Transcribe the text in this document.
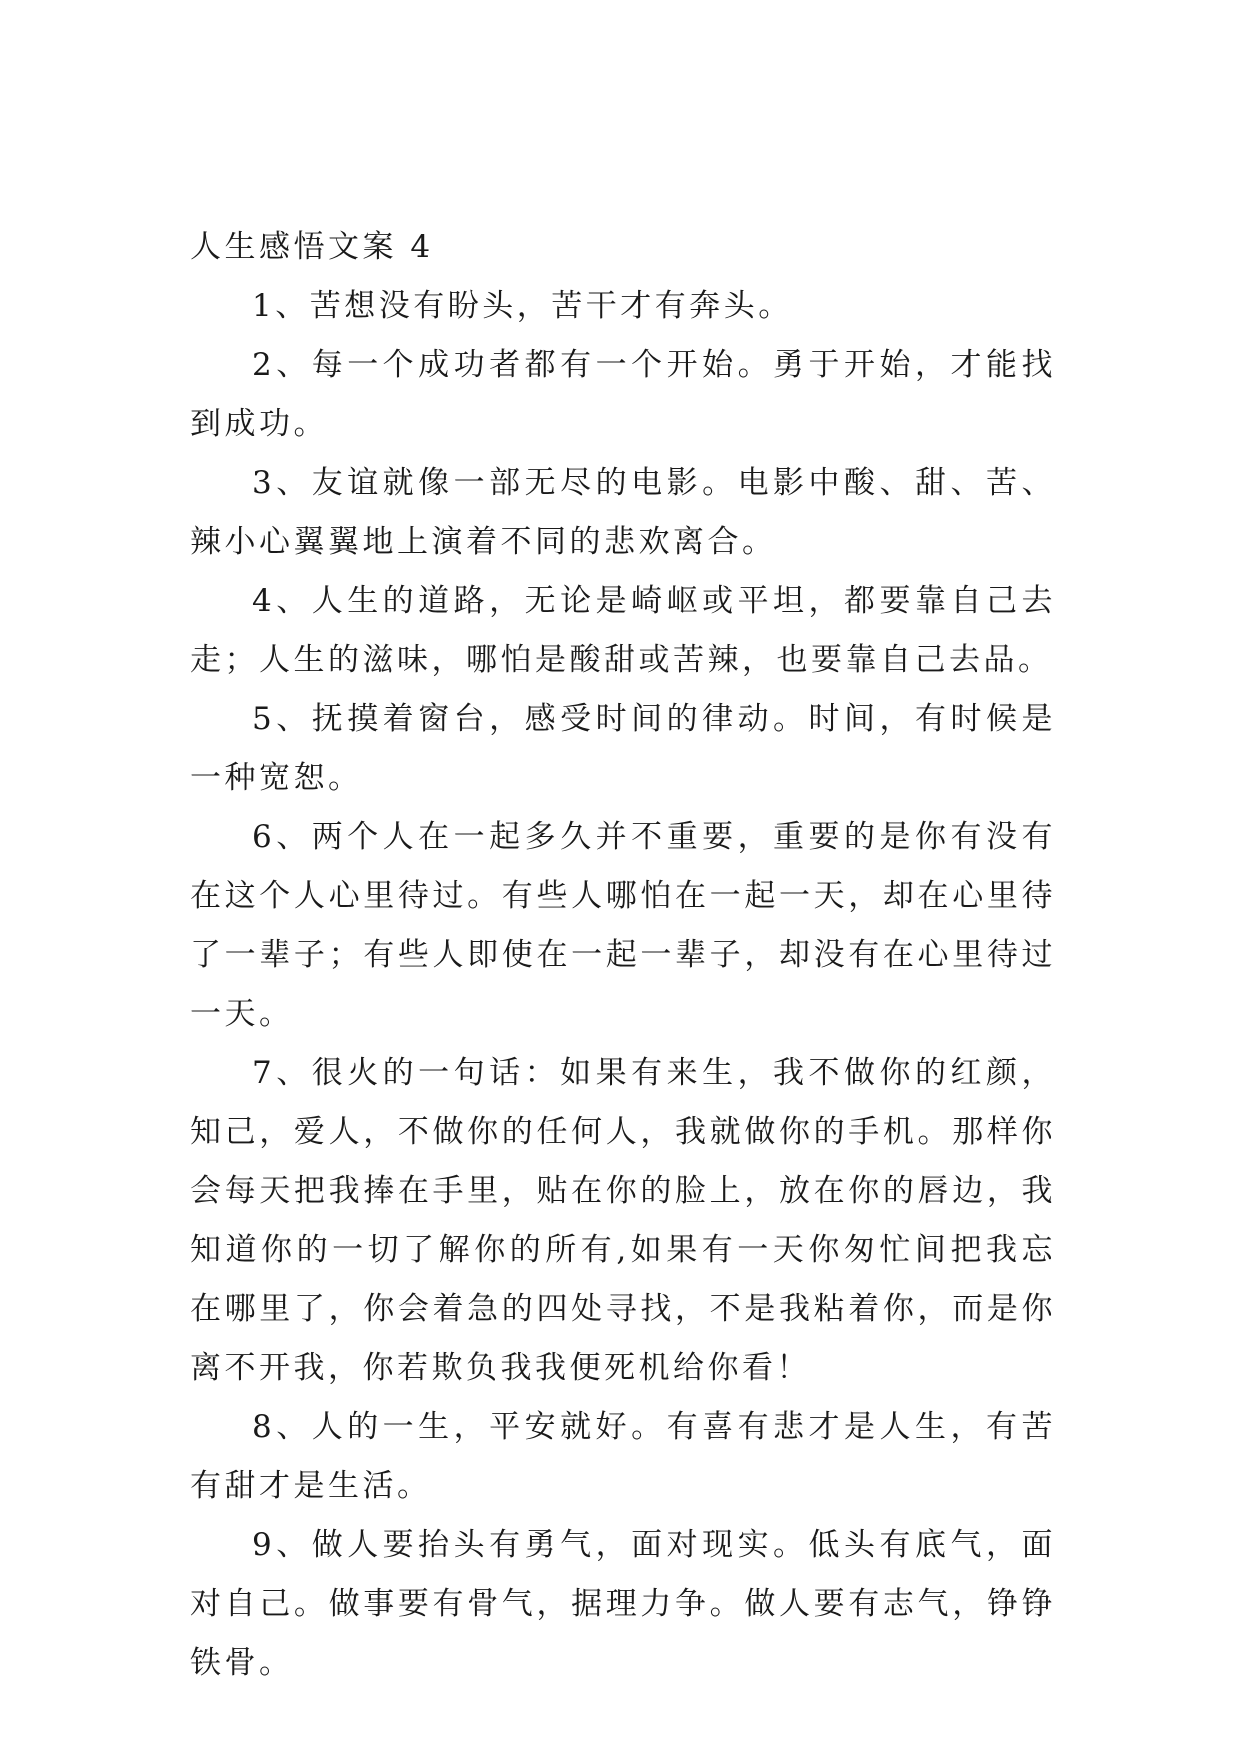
人生感悟文案 4

1、苦想没有盼头，苦干才有奔头。

2、每一个成功者都有一个开始。勇于开始，才能找到成功。

3、友谊就像一部无尽的电影。电影中酸、甜、苦、辣小心翼翼地上演着不同的悲欢离合。

4、人生的道路，无论是崎岖或平坦，都要靠自己去走；人生的滋味，哪怕是酸甜或苦辣，也要靠自己去品。

5、抚摸着窗台，感受时间的律动。时间，有时候是一种宽恕。

6、两个人在一起多久并不重要，重要的是你有没有在这个人心里待过。有些人哪怕在一起一天，却在心里待了一辈子；有些人即使在一起一辈子，却没有在心里待过一天。

7、很火的一句话：如果有来生，我不做你的红颜，知己，爱人，不做你的任何人，我就做你的手机。那样你会每天把我捧在手里，贴在你的脸上，放在你的唇边，我知道你的一切了解你的所有,如果有一天你匆忙间把我忘在哪里了，你会着急的四处寻找，不是我粘着你，而是你离不开我，你若欺负我我便死机给你看！

8、人的一生，平安就好。有喜有悲才是人生，有苦有甜才是生活。

9、做人要抬头有勇气，面对现实。低头有底气，面对自己。做事要有骨气，据理力争。做人要有志气，铮铮铁骨。
